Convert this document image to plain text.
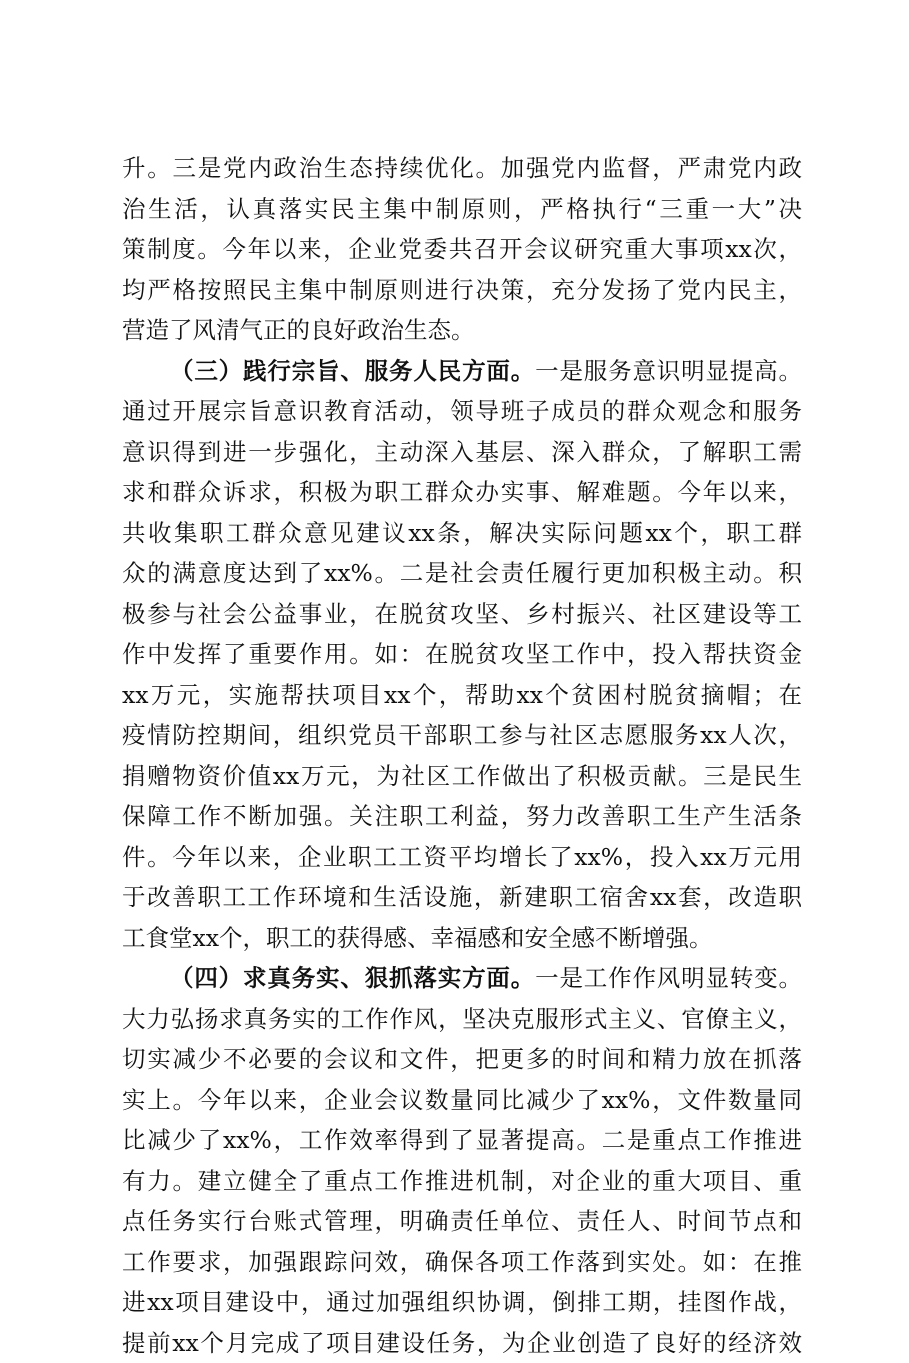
升。三是党内政治生态持续优化。加强党内监督，严肃党内政
治生活，认真落实民主集中制原则，严格执行“三重一大”决
策制度。今年以来，企业党委共召开会议研究重大事项xx次，
均严格按照民主集中制原则进行决策，充分发扬了党内民主，
营造了风清气正的良好政治生态。
（三）践行宗旨、服务人民方面。一是服务意识明显提高。
通过开展宗旨意识教育活动，领导班子成员的群众观念和服务
意识得到进一步强化，主动深入基层、深入群众，了解职工需
求和群众诉求，积极为职工群众办实事、解难题。今年以来，
共收集职工群众意见建议xx条，解决实际问题xx个，职工群
众的满意度达到了xx%。二是社会责任履行更加积极主动。积
极参与社会公益事业，在脱贫攻坚、乡村振兴、社区建设等工
作中发挥了重要作用。如：在脱贫攻坚工作中，投入帮扶资金
xx万元，实施帮扶项目xx个，帮助xx个贫困村脱贫摘帽；在
疫情防控期间，组织党员干部职工参与社区志愿服务xx人次，
捐赠物资价值xx万元，为社区工作做出了积极贡献。三是民生
保障工作不断加强。关注职工利益，努力改善职工生产生活条
件。今年以来，企业职工工资平均增长了xx%，投入xx万元用
于改善职工工作环境和生活设施，新建职工宿舍xx套，改造职
工食堂xx个，职工的获得感、幸福感和安全感不断增强。
（四）求真务实、狠抓落实方面。一是工作作风明显转变。
大力弘扬求真务实的工作作风，坚决克服形式主义、官僚主义，
切实减少不必要的会议和文件，把更多的时间和精力放在抓落
实上。今年以来，企业会议数量同比减少了xx%，文件数量同
比减少了xx%，工作效率得到了显著提高。二是重点工作推进
有力。建立健全了重点工作推进机制，对企业的重大项目、重
点任务实行台账式管理，明确责任单位、责任人、时间节点和
工作要求，加强跟踪问效，确保各项工作落到实处。如：在推
进xx项目建设中，通过加强组织协调，倒排工期，挂图作战，
提前xx个月完成了项目建设任务，为企业创造了良好的经济效
